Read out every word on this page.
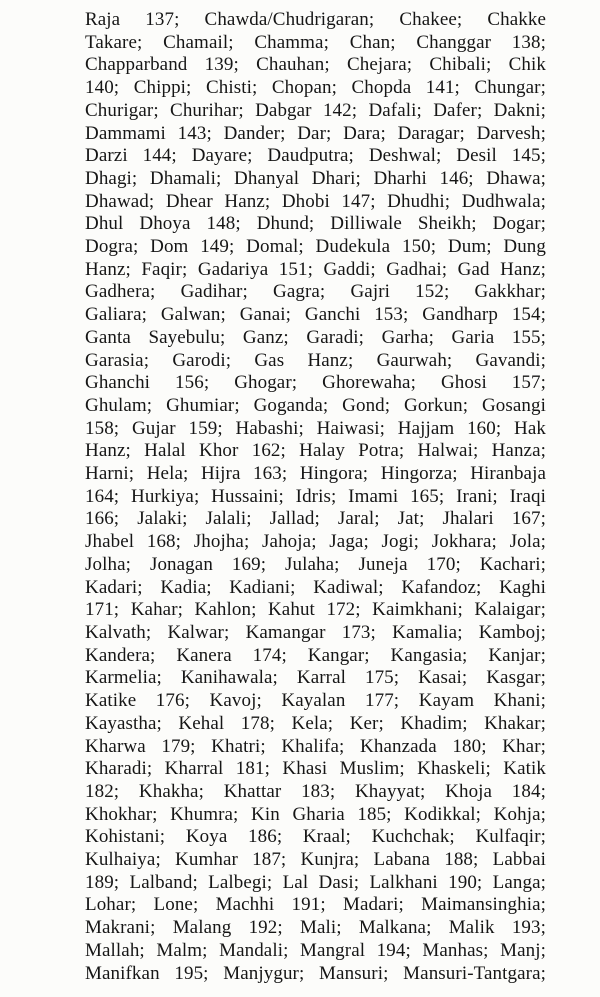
Raja 137; Chawda/Chudrigaran; Chakee; Chakke
Takare; Chamail; Chamma; Chan; Changgar 138;
Chapparband 139; Chauhan; Chejara; Chibali; Chik
140; Chippi; Chisti; Chopan; Chopda 141; Chungar;
Churigar; Churihar; Dabgar 142; Dafali; Dafer; Dakni;
Dammami 143; Dander; Dar; Dara; Daragar; Darvesh;
Darzi 144; Dayare; Daudputra; Deshwal; Desil 145;
Dhagi; Dhamali; Dhanyal Dhari; Dharhi 146; Dhawa;
Dhawad; Dhear Hanz; Dhobi 147; Dhudhi; Dudhwala;
Dhul Dhoya 148; Dhund; Dilliwale Sheikh; Dogar;
Dogra; Dom 149; Domal; Dudekula 150; Dum; Dung
Hanz; Faqir; Gadariya 151; Gaddi; Gadhai; Gad Hanz;
Gadhera; Gadihar; Gagra; Gajri 152; Gakkhar;
Galiara; Galwan; Ganai; Ganchi 153; Gandharp 154;
Ganta Sayebulu; Ganz; Garadi; Garha; Garia 155;
Garasia; Garodi; Gas Hanz; Gaurwah; Gavandi;
Ghanchi 156; Ghogar; Ghorewaha; Ghosi 157;
Ghulam; Ghumiar; Goganda; Gond; Gorkun; Gosangi
158; Gujar 159; Habashi; Haiwasi; Hajjam 160; Hak
Hanz; Halal Khor 162; Halay Potra; Halwai; Hanza;
Harni; Hela; Hijra 163; Hingora; Hingorza; Hiranbaja
164; Hurkiya; Hussaini; Idris; Imami 165; Irani; Iraqi
166; Jalaki; Jalali; Jallad; Jaral; Jat; Jhalari 167;
Jhabel 168; Jhojha; Jahoja; Jaga; Jogi; Jokhara; Jola;
Jolha; Jonagan 169; Julaha; Juneja 170; Kachari;
Kadari; Kadia; Kadiani; Kadiwal; Kafandoz; Kaghi
171; Kahar; Kahlon; Kahut 172; Kaimkhani; Kalaigar;
Kalvath; Kalwar; Kamangar 173; Kamalia; Kamboj;
Kandera; Kanera 174; Kangar; Kangasia; Kanjar;
Karmelia; Kanihawala; Karral 175; Kasai; Kasgar;
Katike 176; Kavoj; Kayalan 177; Kayam Khani;
Kayastha; Kehal 178; Kela; Ker; Khadim; Khakar;
Kharwa 179; Khatri; Khalifa; Khanzada 180; Khar;
Kharadi; Kharral 181; Khasi Muslim; Khaskeli; Katik
182; Khakha; Khattar 183; Khayyat; Khoja 184;
Khokhar; Khumra; Kin Gharia 185; Kodikkal; Kohja;
Kohistani; Koya 186; Kraal; Kuchchak; Kulfaqir;
Kulhaiya; Kumhar 187; Kunjra; Labana 188; Labbai
189; Lalband; Lalbegi; Lal Dasi; Lalkhani 190; Langa;
Lohar; Lone; Machhi 191; Madari; Maimansinghia;
Makrani; Malang 192; Mali; Malkana; Malik 193;
Mallah; Malm; Mandali; Mangral 194; Manhas; Manj;
Manifkan 195; Manjygur; Mansuri; Mansuri-Tantgara;
